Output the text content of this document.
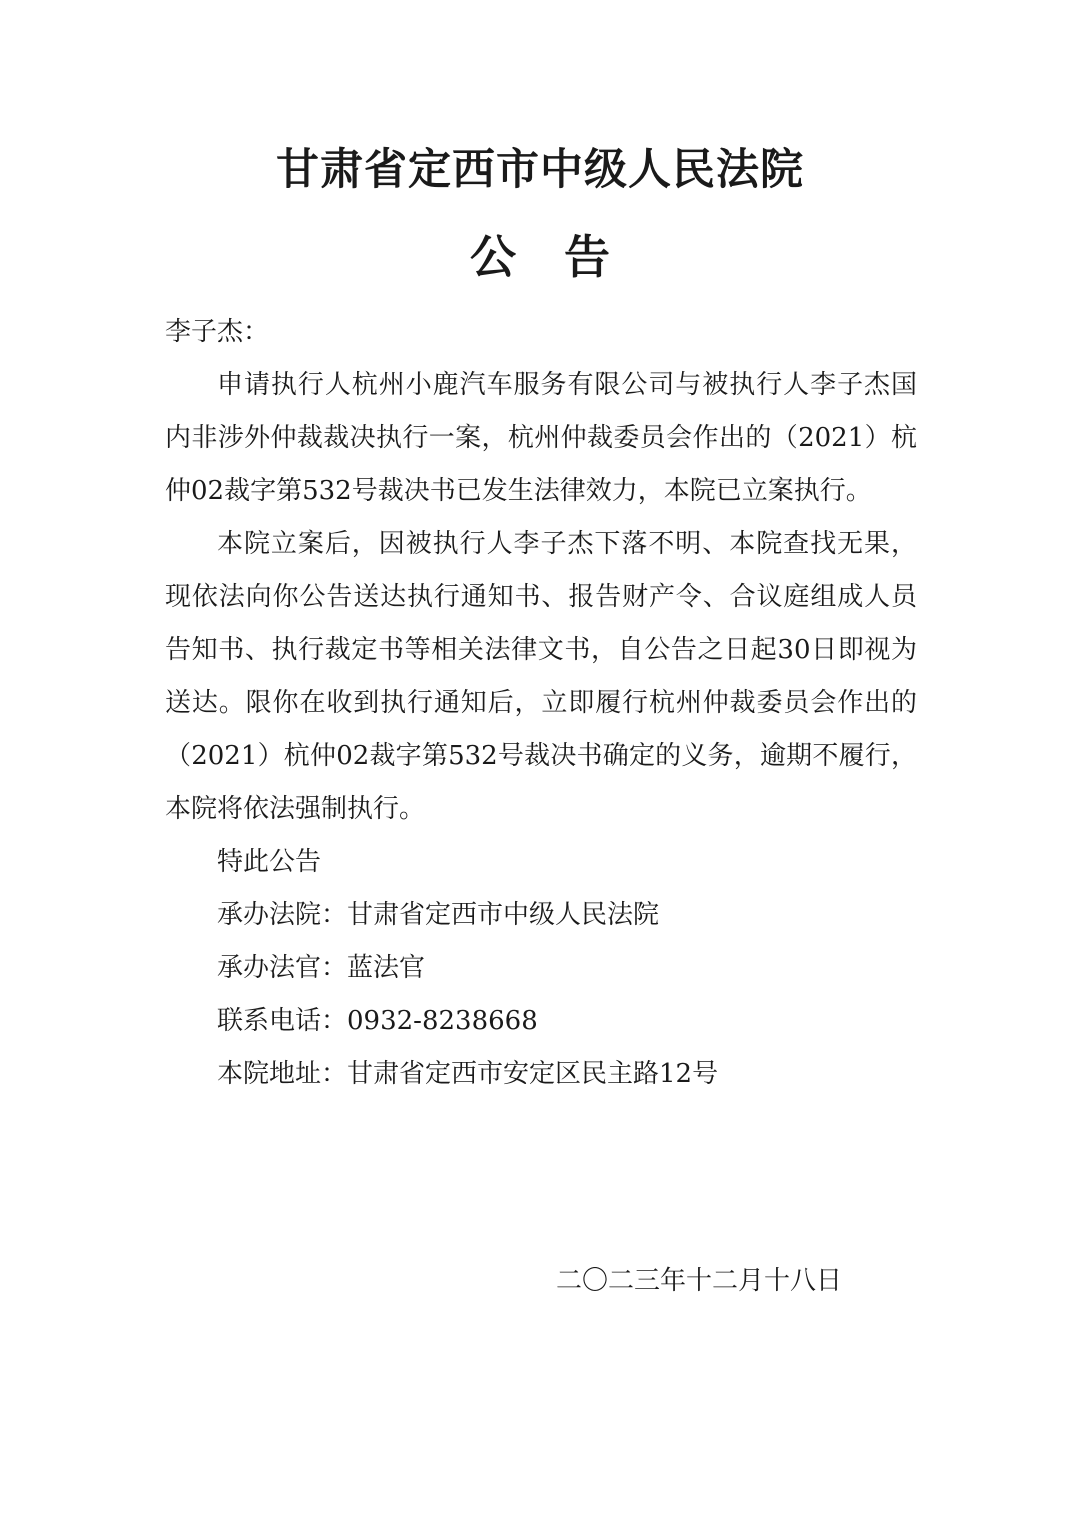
甘肃省定西市中级人民法院
公告

李子杰：

申请执行人杭州小鹿汽车服务有限公司与被执行人李子杰国内非涉外仲裁裁决执行一案，杭州仲裁委员会作出的（2021）杭仲02裁字第532号裁决书已发生法律效力，本院已立案执行。

本院立案后，因被执行人李子杰下落不明、本院查找无果，现依法向你公告送达执行通知书、报告财产令、合议庭组成人员告知书、执行裁定书等相关法律文书，自公告之日起30日即视为送达。限你在收到执行通知后，立即履行杭州仲裁委员会作出的（2021）杭仲02裁字第532号裁决书确定的义务，逾期不履行，本院将依法强制执行。

特此公告

承办法院：甘肃省定西市中级人民法院

承办法官：蓝法官

联系电话：0932-8238668

本院地址：甘肃省定西市安定区民主路12号

二〇二三年十二月十八日
